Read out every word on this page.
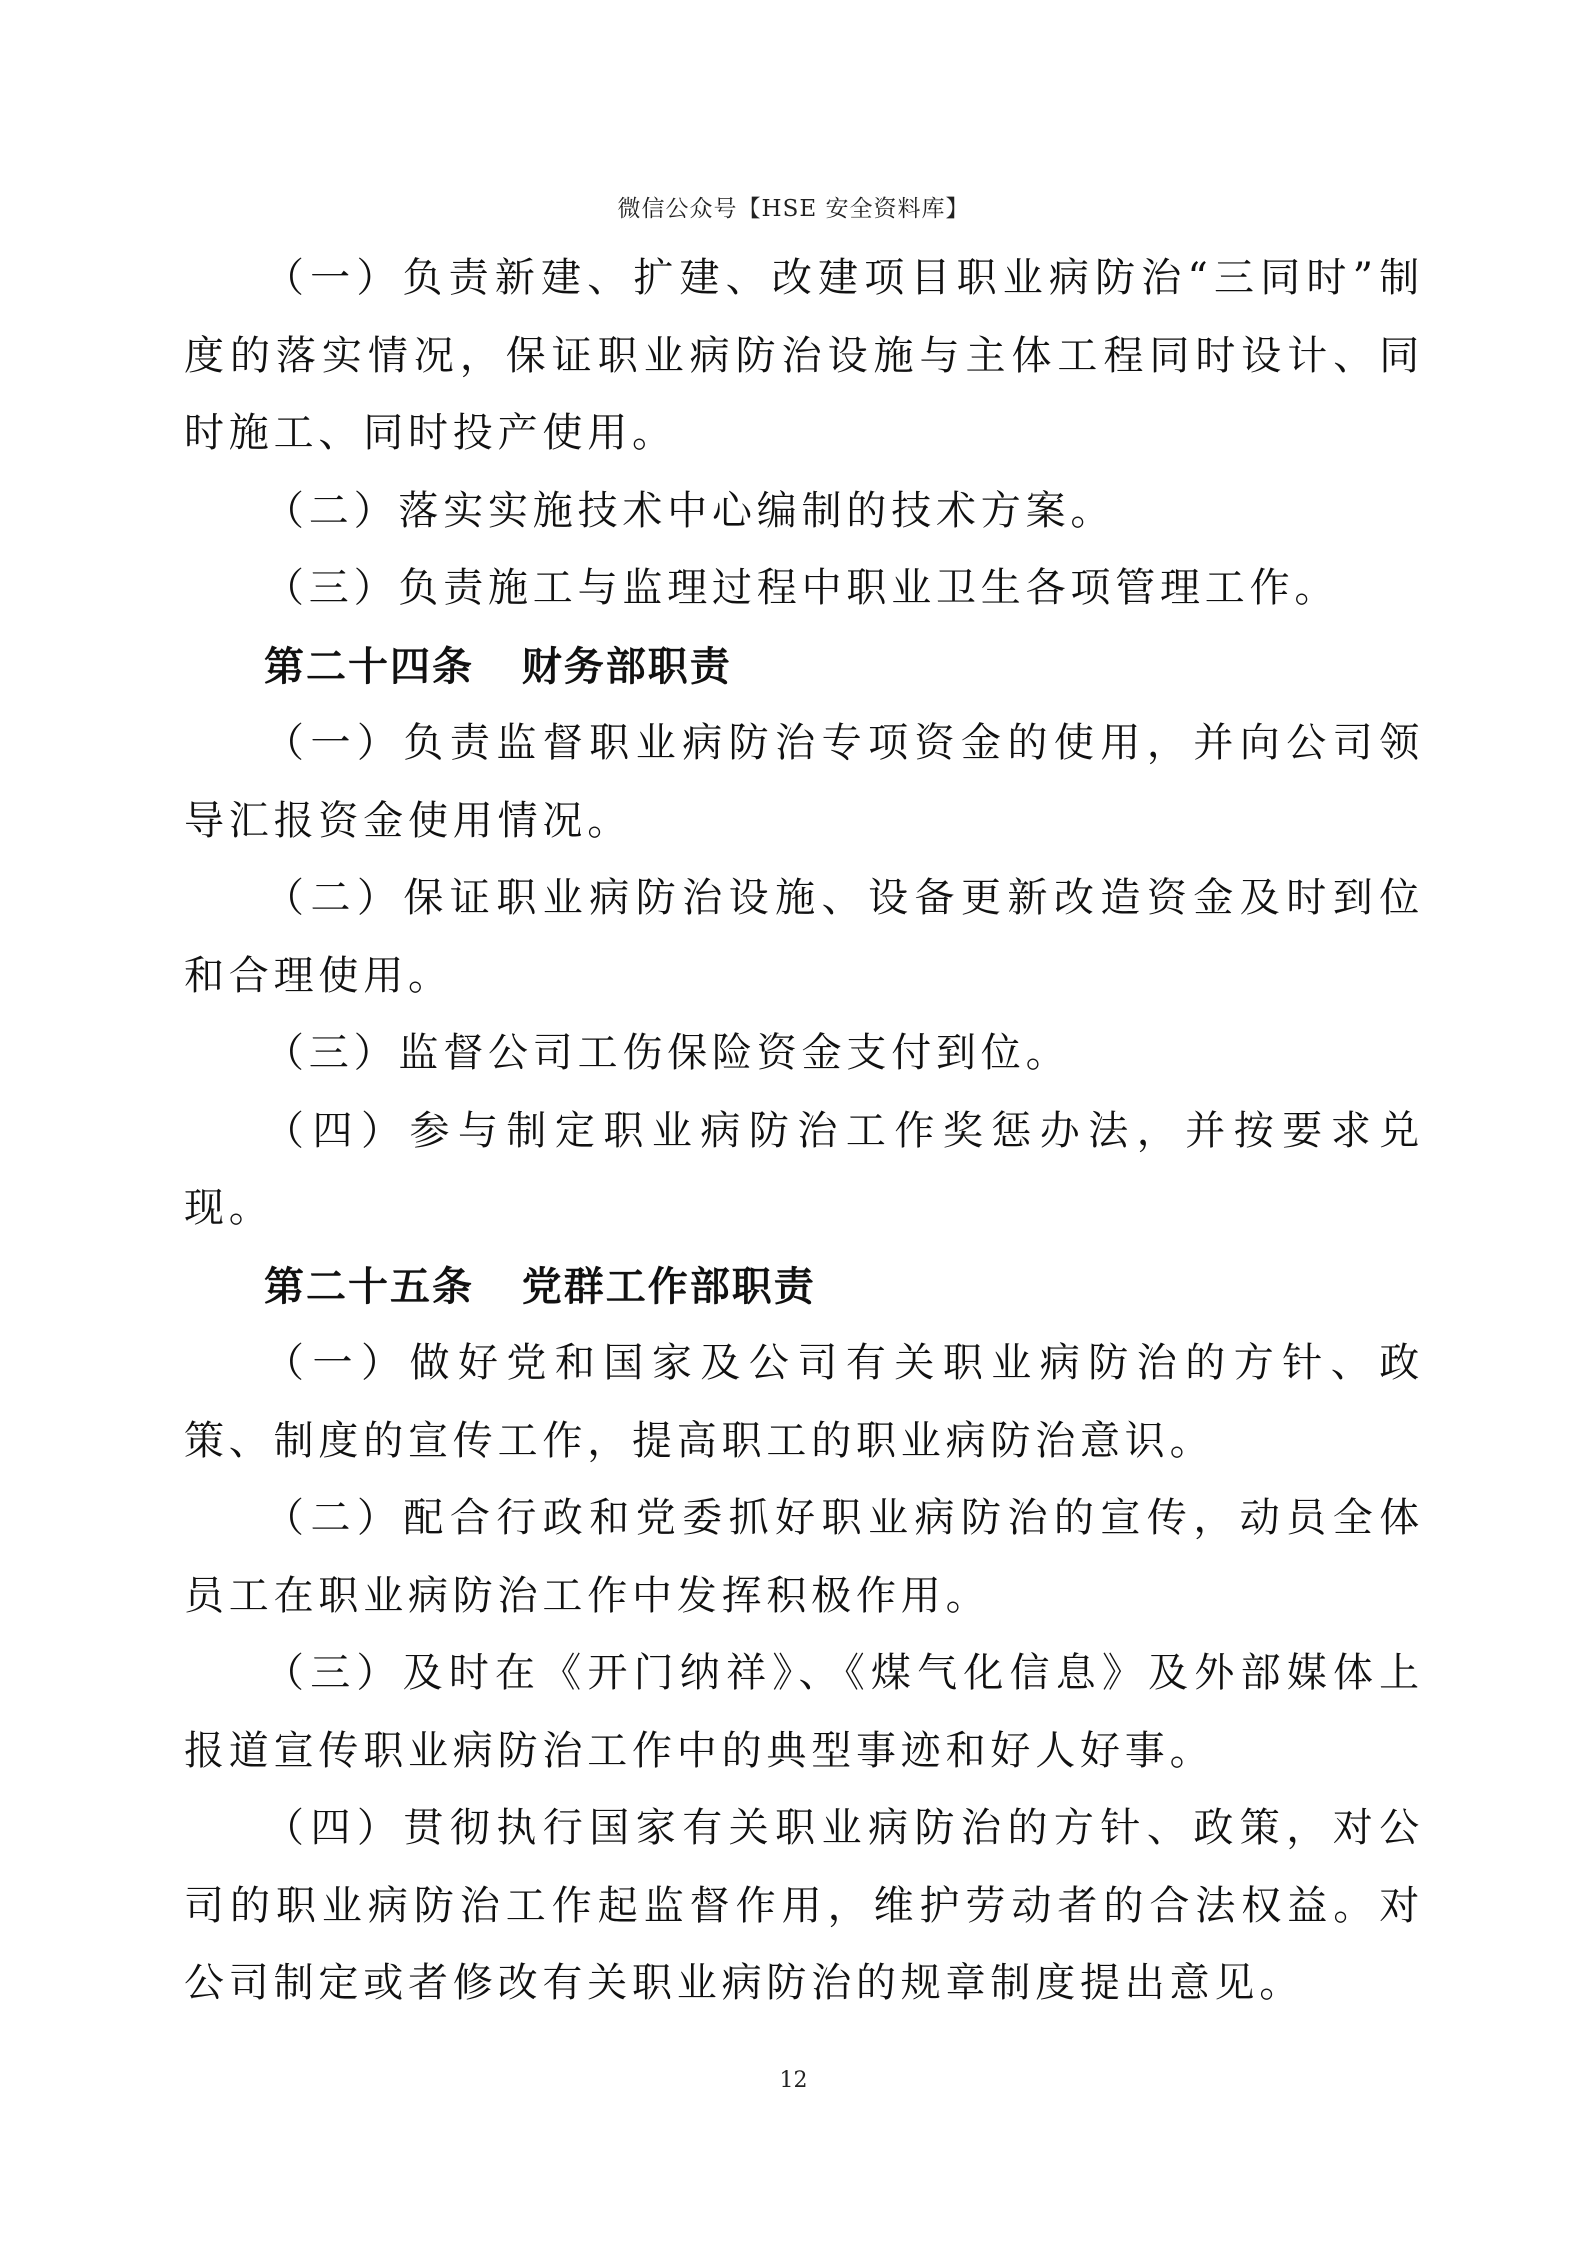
微信公众号【HSE 安全资料库】

（一）负责新建、扩建、改建项目职业病防治“三同时”制度的落实情况，保证职业病防治设施与主体工程同时设计、同时施工、同时投产使用。

（二）落实实施技术中心编制的技术方案。

（三）负责施工与监理过程中职业卫生各项管理工作。

第二十四条   财务部职责

（一）负责监督职业病防治专项资金的使用，并向公司领导汇报资金使用情况。

（二）保证职业病防治设施、设备更新改造资金及时到位和合理使用。

（三）监督公司工伤保险资金支付到位。

（四）参与制定职业病防治工作奖惩办法，并按要求兑现。

第二十五条   党群工作部职责

（一）做好党和国家及公司有关职业病防治的方针、政策、制度的宣传工作，提高职工的职业病防治意识。

（二）配合行政和党委抓好职业病防治的宣传，动员全体员工在职业病防治工作中发挥积极作用。

（三）及时在《开门纳祥》、《煤气化信息》及外部媒体上报道宣传职业病防治工作中的典型事迹和好人好事。

（四）贯彻执行国家有关职业病防治的方针、政策，对公司的职业病防治工作起监督作用，维护劳动者的合法权益。对公司制定或者修改有关职业病防治的规章制度提出意见。

12
